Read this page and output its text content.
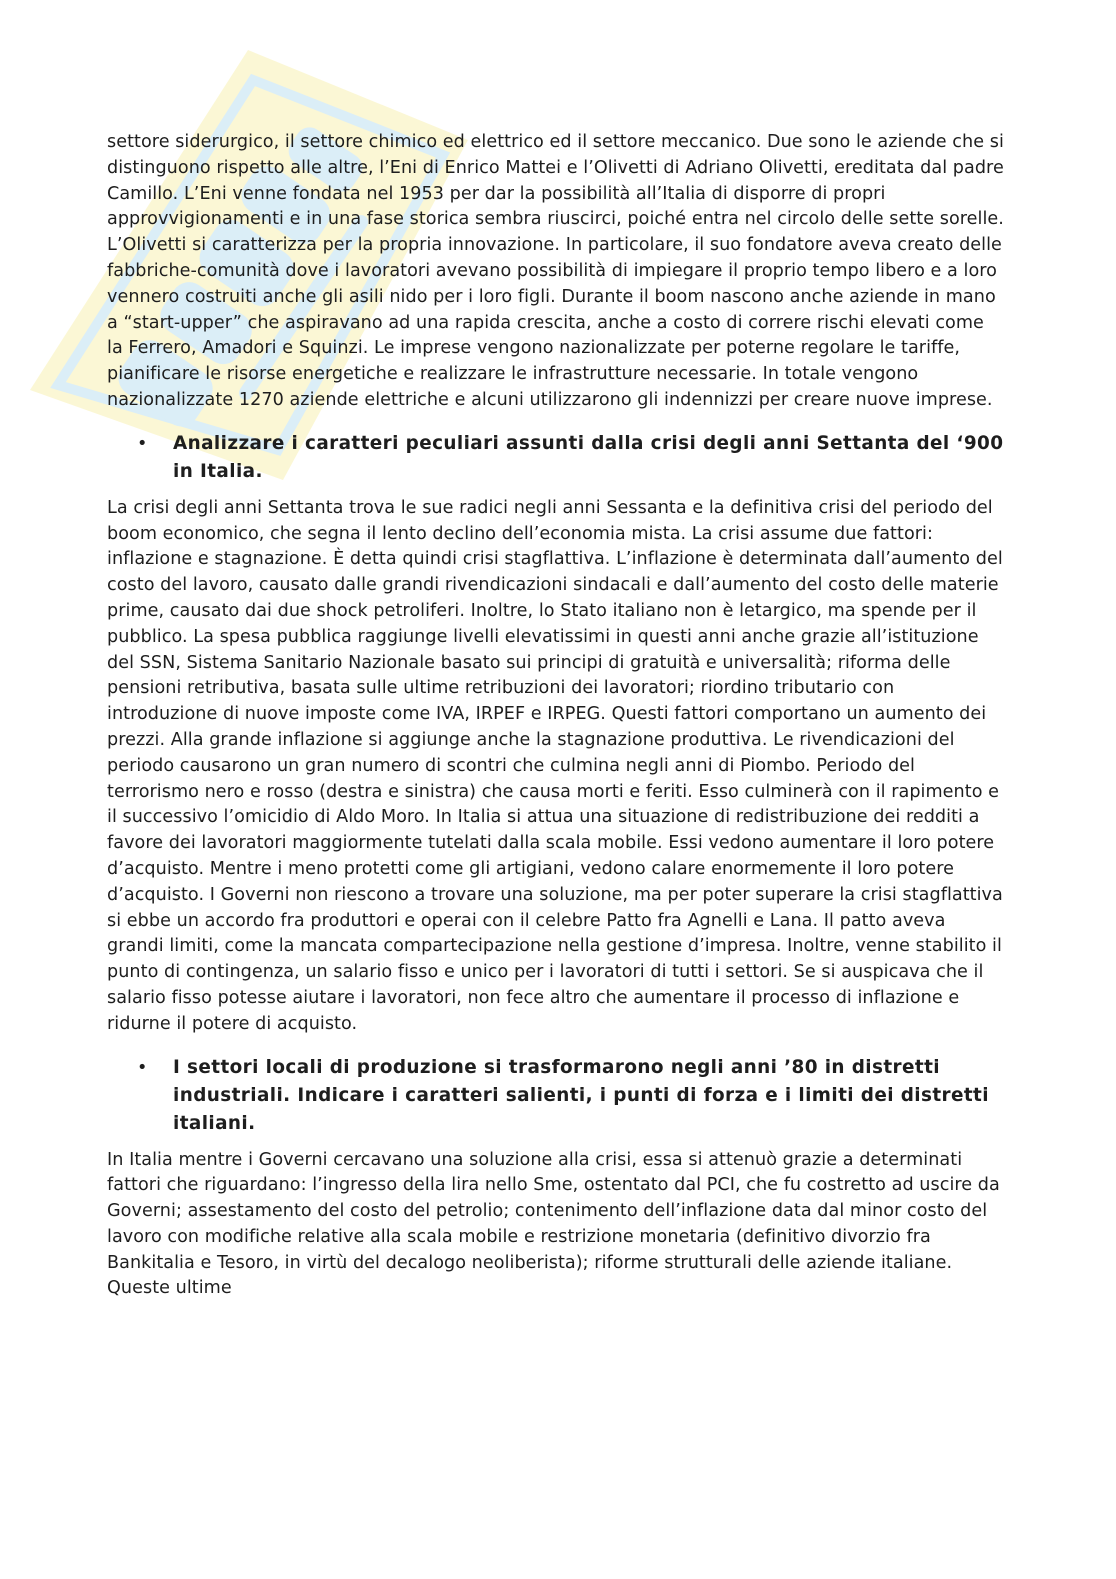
settore siderurgico, il settore chimico ed elettrico ed il settore meccanico. Due sono le aziende che si distinguono rispetto alle altre, l’Eni di Enrico Mattei e l’Olivetti di Adriano Olivetti, ereditata dal padre Camillo. L’Eni venne fondata nel 1953 per dar la possibilità all’Italia di disporre di propri approvvigionamenti e in una fase storica sembra riuscirci, poiché entra nel circolo delle sette sorelle. L’Olivetti si caratterizza per la propria innovazione. In particolare, il suo fondatore aveva creato delle fabbriche-comunità dove i lavoratori avevano possibilità di impiegare il proprio tempo libero e a loro vennero costruiti anche gli asili nido per i loro figli. Durante il boom nascono anche aziende in mano a “start-upper” che aspiravano ad una rapida crescita, anche a costo di correre rischi elevati come la Ferrero, Amadori e Squinzi. Le imprese vengono nazionalizzate per poterne regolare le tariffe, pianificare le risorse energetiche e realizzare le infrastrutture necessarie. In totale vengono nazionalizzate 1270 aziende elettriche e alcuni utilizzarono gli indennizzi per creare nuove imprese.

•	Analizzare i caratteri peculiari assunti dalla crisi degli anni Settanta del ‘900 in Italia.

La crisi degli anni Settanta trova le sue radici negli anni Sessanta e la definitiva crisi del periodo del boom economico, che segna il lento declino dell’economia mista. La crisi assume due fattori: inflazione e stagnazione. È detta quindi crisi stagflattiva. L’inflazione è determinata dall’aumento del costo del lavoro, causato dalle grandi rivendicazioni sindacali e dall’aumento del costo delle materie prime, causato dai due shock petroliferi. Inoltre, lo Stato italiano non è letargico, ma spende per il pubblico. La spesa pubblica raggiunge livelli elevatissimi in questi anni anche grazie all’istituzione del SSN, Sistema Sanitario Nazionale basato sui principi di gratuità e universalità; riforma delle pensioni retributiva, basata sulle ultime retribuzioni dei lavoratori; riordino tributario con introduzione di nuove imposte come IVA, IRPEF e IRPEG. Questi fattori comportano un aumento dei prezzi. Alla grande inflazione si aggiunge anche la stagnazione produttiva. Le rivendicazioni del periodo causarono un gran numero di scontri che culmina negli anni di Piombo. Periodo del terrorismo nero e rosso (destra e sinistra) che causa morti e feriti. Esso culminerà con il rapimento e il successivo l’omicidio di Aldo Moro. In Italia si attua una situazione di redistribuzione dei redditi a favore dei lavoratori maggiormente tutelati dalla scala mobile. Essi vedono aumentare il loro potere d’acquisto. Mentre i meno protetti come gli artigiani, vedono calare enormemente il loro potere d’acquisto. I Governi non riescono a trovare una soluzione, ma per poter superare la crisi stagflattiva si ebbe un accordo fra produttori e operai con il celebre Patto fra Agnelli e Lana. Il patto aveva grandi limiti, come la mancata compartecipazione nella gestione d’impresa. Inoltre, venne stabilito il punto di contingenza, un salario fisso e unico per i lavoratori di tutti i settori. Se si auspicava che il salario fisso potesse aiutare i lavoratori, non fece altro che aumentare il processo di inflazione e ridurne il potere di acquisto.

•	I settori locali di produzione si trasformarono negli anni ’80 in distretti industriali. Indicare i caratteri salienti, i punti di forza e i limiti dei distretti italiani.

In Italia mentre i Governi cercavano una soluzione alla crisi, essa si attenuò grazie a determinati fattori che riguardano: l’ingresso della lira nello Sme, ostentato dal PCI, che fu costretto ad uscire da Governi; assestamento del costo del petrolio; contenimento dell’inflazione data dal minor costo del lavoro con modifiche relative alla scala mobile e restrizione monetaria (definitivo divorzio fra Bankitalia e Tesoro, in virtù del decalogo neoliberista); riforme strutturali delle aziende italiane. Queste ultime
